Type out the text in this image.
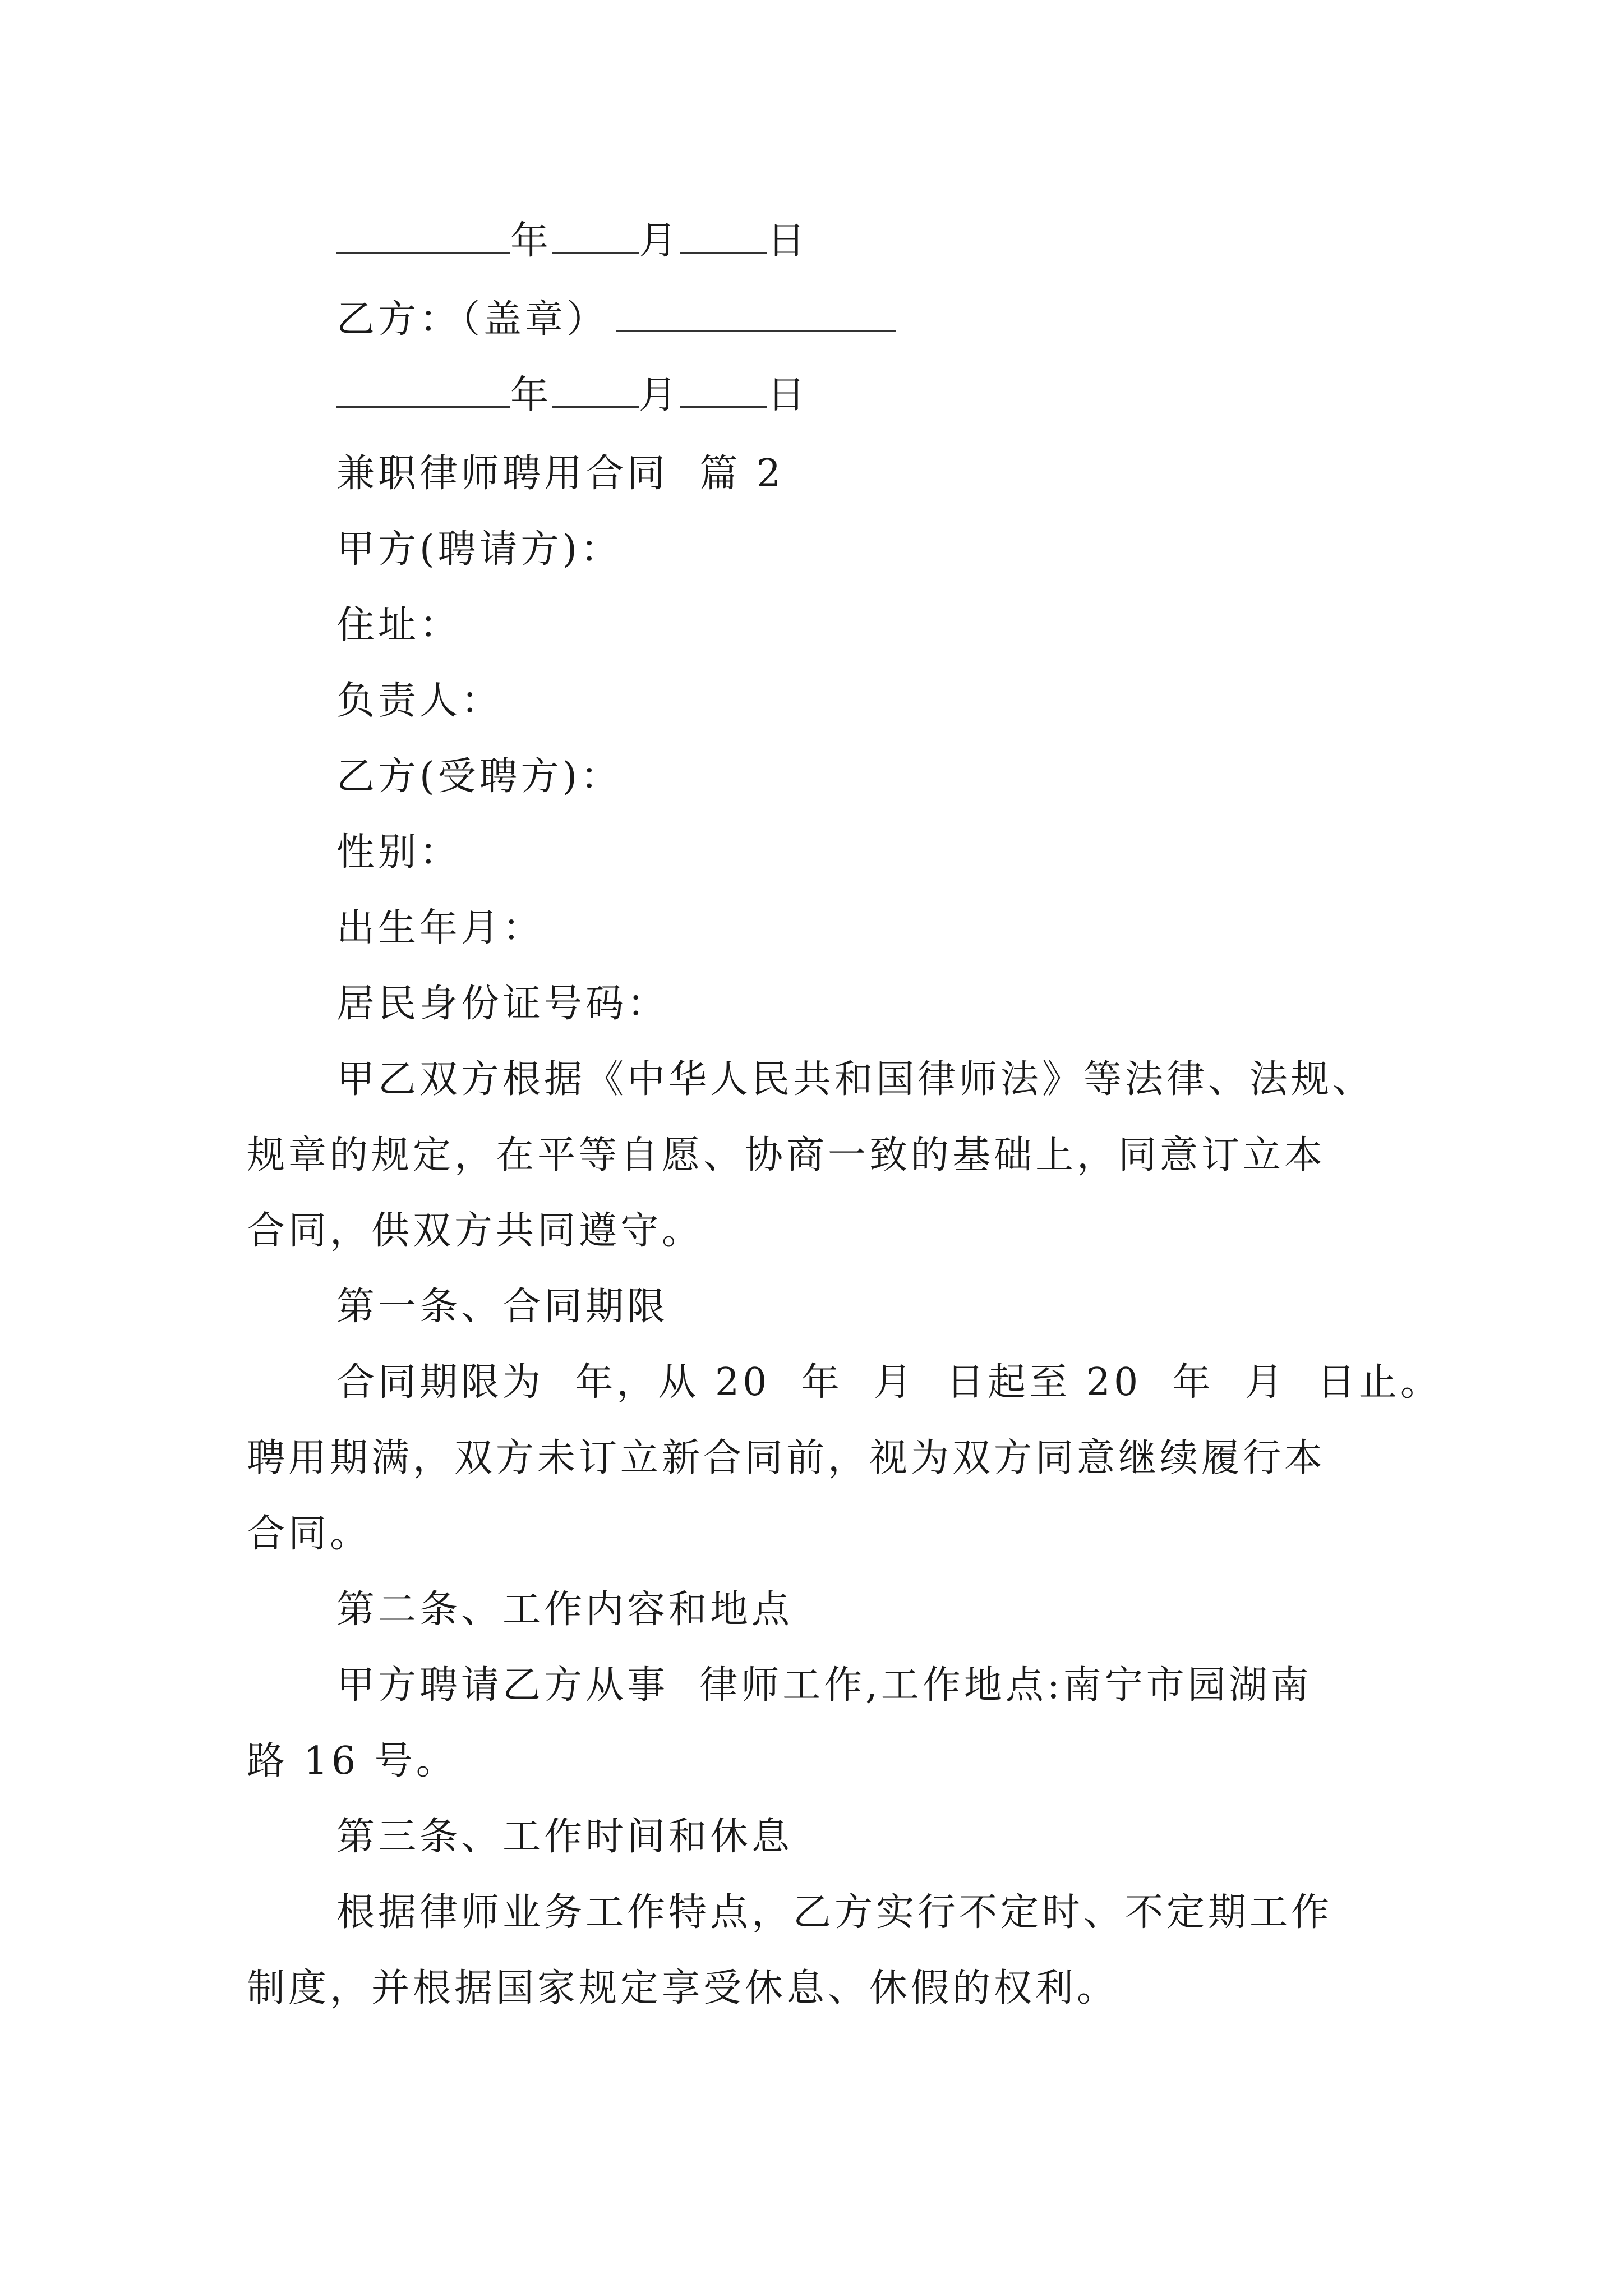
年 月 日

乙方：（盖章）

年 月 日

兼职律师聘用合同  篇 2

甲方(聘请方)：

住址：

负责人：

乙方(受聘方)：

性别：

出生年月：

居民身份证号码：

甲乙双方根据《中华人民共和国律师法》等法律、法规、

规章的规定，在平等自愿、协商一致的基础上，同意订立本

合同，供双方共同遵守。

第一条、合同期限

合同期限为  年，从 20  年  月  日起至 20  年  月  日止。

聘用期满，双方未订立新合同前，视为双方同意继续履行本

合同。

第二条、工作内容和地点

甲方聘请乙方从事  律师工作,工作地点:南宁市园湖南

路 16 号。

第三条、工作时间和休息

根据律师业务工作特点，乙方实行不定时、不定期工作

制度，并根据国家规定享受休息、休假的权利。
